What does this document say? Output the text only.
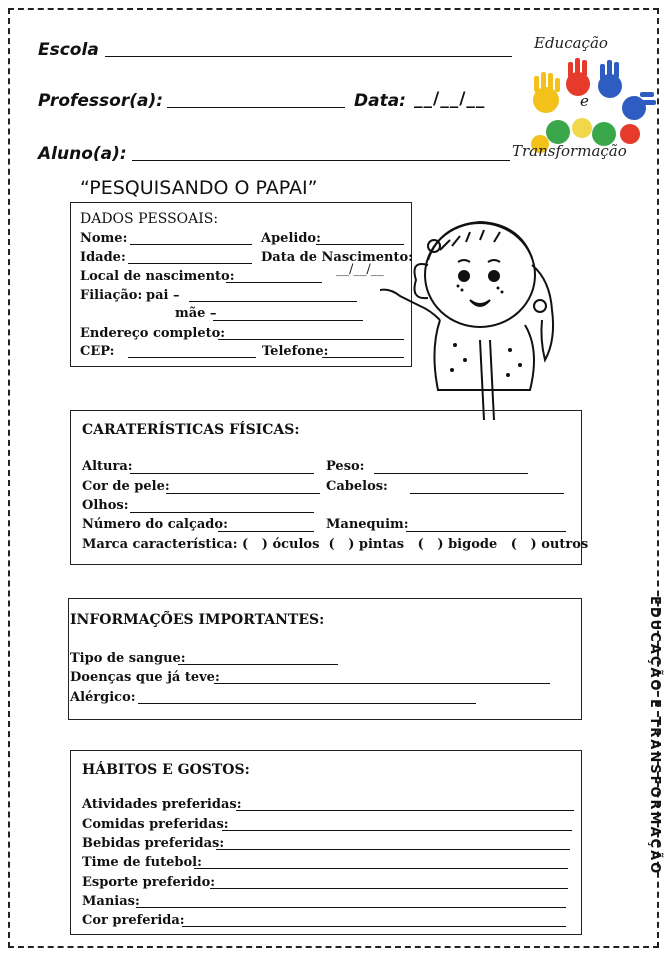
Escola
Professor(a):	Data: __/__/__
Aluno(a):
Educação
e
Transformação
“PESQUISANDO O PAPAI”
DADOS PESSOAIS:
Nome:	Apelido:
Idade:	Data de Nascimento:
__/__/__
Local de nascimento:
Filiação: pai –
mãe –
Endereço completo:
CEP:	Telefone:
CARATERÍSTICAS FÍSICAS:
Altura:	Peso:
Cor de pele:	Cabelos:
Olhos:
Número do calçado:	Manequim:
Marca característica: (   ) óculos  (   ) pintas   (   ) bigode   (   ) outros
INFORMAÇÕES IMPORTANTES:
Tipo de sangue:
Doenças que já teve:
Alérgico:
HÁBITOS E GOSTOS:
Atividades preferidas:
Comidas preferidas:
Bebidas preferidas:
Time de futebol:
Esporte preferido:
Manias:
Cor preferida:
EDUCAÇÃO E TRANSFORMAÇÃO
